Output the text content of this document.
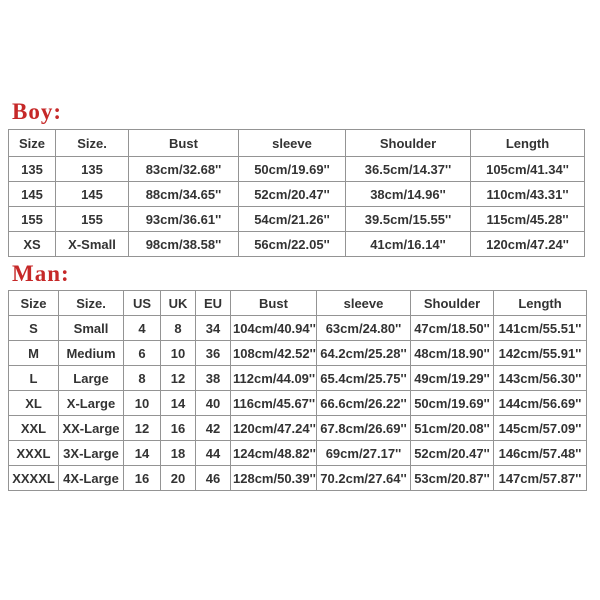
Boy:
Size	Size.	Bust	sleeve	Shoulder	Length
135	135	83cm/32.68''	50cm/19.69''	36.5cm/14.37''	105cm/41.34''
145	145	88cm/34.65''	52cm/20.47''	38cm/14.96''	110cm/43.31''
155	155	93cm/36.61''	54cm/21.26''	39.5cm/15.55''	115cm/45.28''
XS	X-Small	98cm/38.58''	56cm/22.05''	41cm/16.14''	120cm/47.24''
Man:
Size	Size.	US	UK	EU	Bust	sleeve	Shoulder	Length
S	Small	4	8	34	104cm/40.94''	63cm/24.80''	47cm/18.50''	141cm/55.51''
M	Medium	6	10	36	108cm/42.52''	64.2cm/25.28''	48cm/18.90''	142cm/55.91''
L	Large	8	12	38	112cm/44.09''	65.4cm/25.75''	49cm/19.29''	143cm/56.30''
XL	X-Large	10	14	40	116cm/45.67''	66.6cm/26.22''	50cm/19.69''	144cm/56.69''
XXL	XX-Large	12	16	42	120cm/47.24''	67.8cm/26.69''	51cm/20.08''	145cm/57.09''
XXXL	3X-Large	14	18	44	124cm/48.82''	69cm/27.17''	52cm/20.47''	146cm/57.48''
XXXXL	4X-Large	16	20	46	128cm/50.39''	70.2cm/27.64''	53cm/20.87''	147cm/57.87''
